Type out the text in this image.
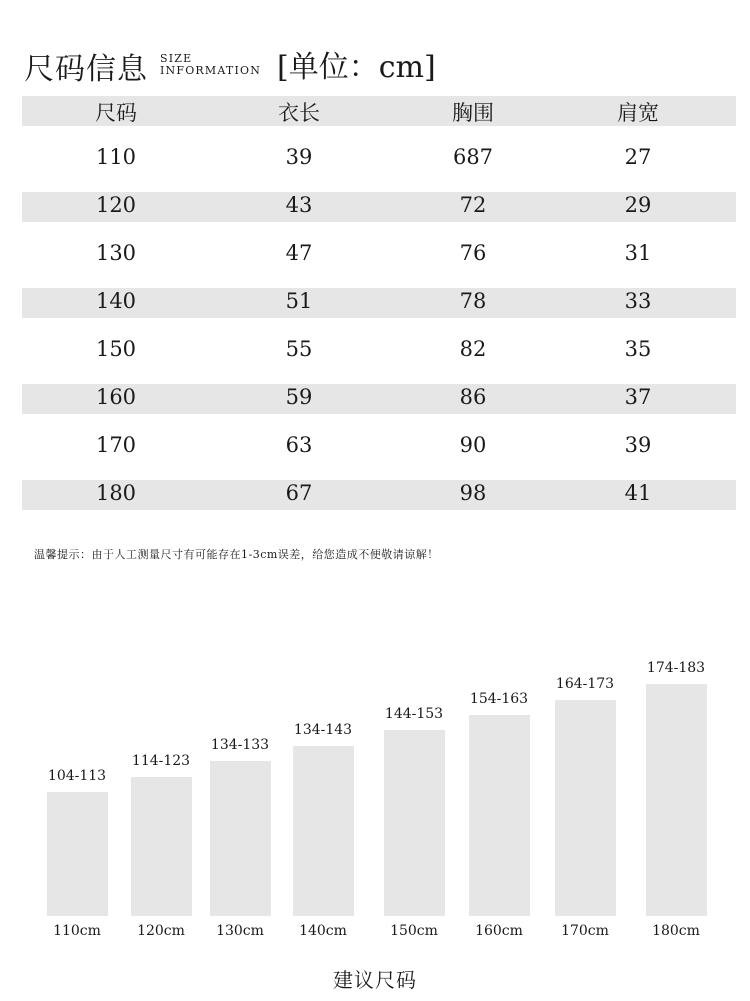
尺码信息 SIZE
INFORMATION [单位：cm]
尺码	衣长	胸围	肩宽
110	39	687	27
120	43	72	29
130	47	76	31
140	51	78	33
150	55	82	35
160	59	86	37
170	63	90	39
180	67	98	41
温馨提示：由于人工测量尺寸有可能存在1-3cm误差，给您造成不便敬请谅解！
104-113
110cm
114-123
120cm
134-133
130cm
134-143
140cm
144-153
150cm
154-163
160cm
164-173
170cm
174-183
180cm
建议尺码
